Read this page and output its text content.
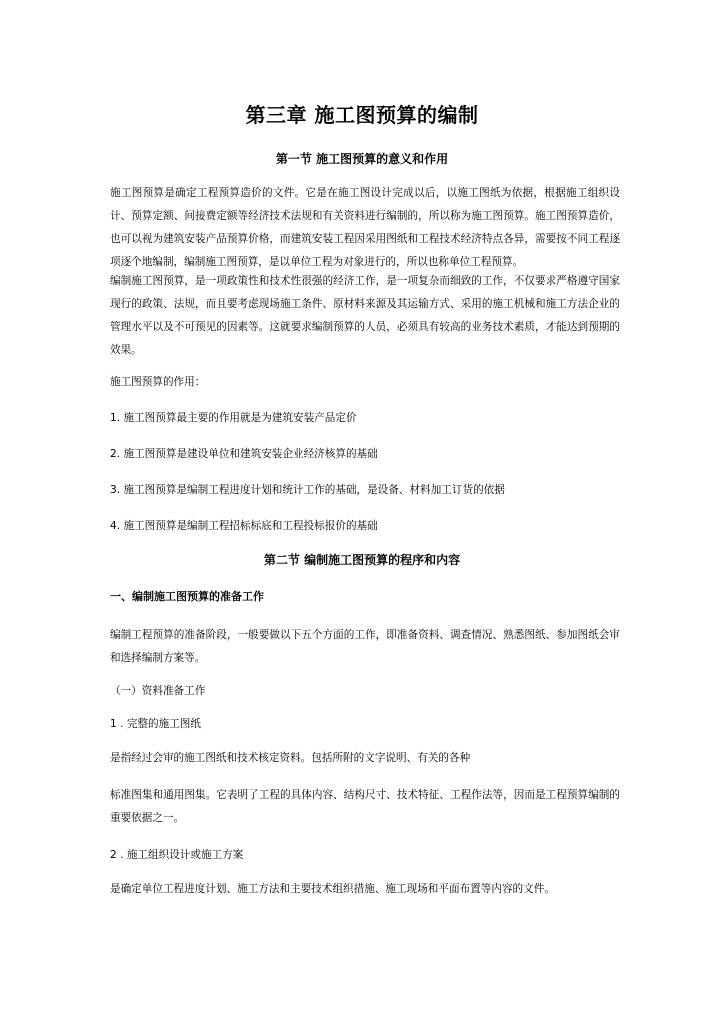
第三章 施工图预算的编制
第一节 施工图预算的意义和作用
施工图预算是确定工程预算造价的文件。它是在施工图设计完成以后，以施工图纸为依据，根据施工组织设计、预算定额、间接费定额等经济技术法规和有关资料进行编制的，所以称为施工图预算。施工图预算造价，也可以视为建筑安装产品预算价格，而建筑安装工程因采用图纸和工程技术经济特点各异，需要按不同工程逐项逐个地编制，编制施工图预算，是以单位工程为对象进行的，所以也称单位工程预算。
编制施工图预算，是一项政策性和技术性很强的经济工作，是一项复杂而细致的工作，不仅要求严格遵守国家现行的政策、法规，而且要考虑现场施工条件、原材料来源及其运输方式、采用的施工机械和施工方法企业的管理水平以及不可预见的因素等。这就要求编制预算的人员，必须具有较高的业务技术素质，才能达到预期的效果。
施工图预算的作用：
1. 施工图预算最主要的作用就是为建筑安装产品定价
2. 施工图预算是建设单位和建筑安装企业经济核算的基础
3. 施工图预算是编制工程进度计划和统计工作的基础，是设备、材料加工订货的依据
4. 施工图预算是编制工程招标标底和工程投标报价的基础
第二节 编制施工图预算的程序和内容
一、编制施工图预算的准备工作
编制工程预算的准备阶段，一般要做以下五个方面的工作，即准备资料、调查情况、熟悉图纸、参加图纸会审和选择编制方案等。
（一）资料准备工作
1 . 完整的施工图纸
是指经过会审的施工图纸和技术核定资料。包括所附的文字说明、有关的各种
标准图集和通用图集。它表明了工程的具体内容、结构尺寸、技术特征、工程作法等，因而是工程预算编制的重要依据之一。
2 . 施工组织设计或施工方案
是确定单位工程进度计划、施工方法和主要技术组织措施、施工现场和平面布置等内容的文件。
